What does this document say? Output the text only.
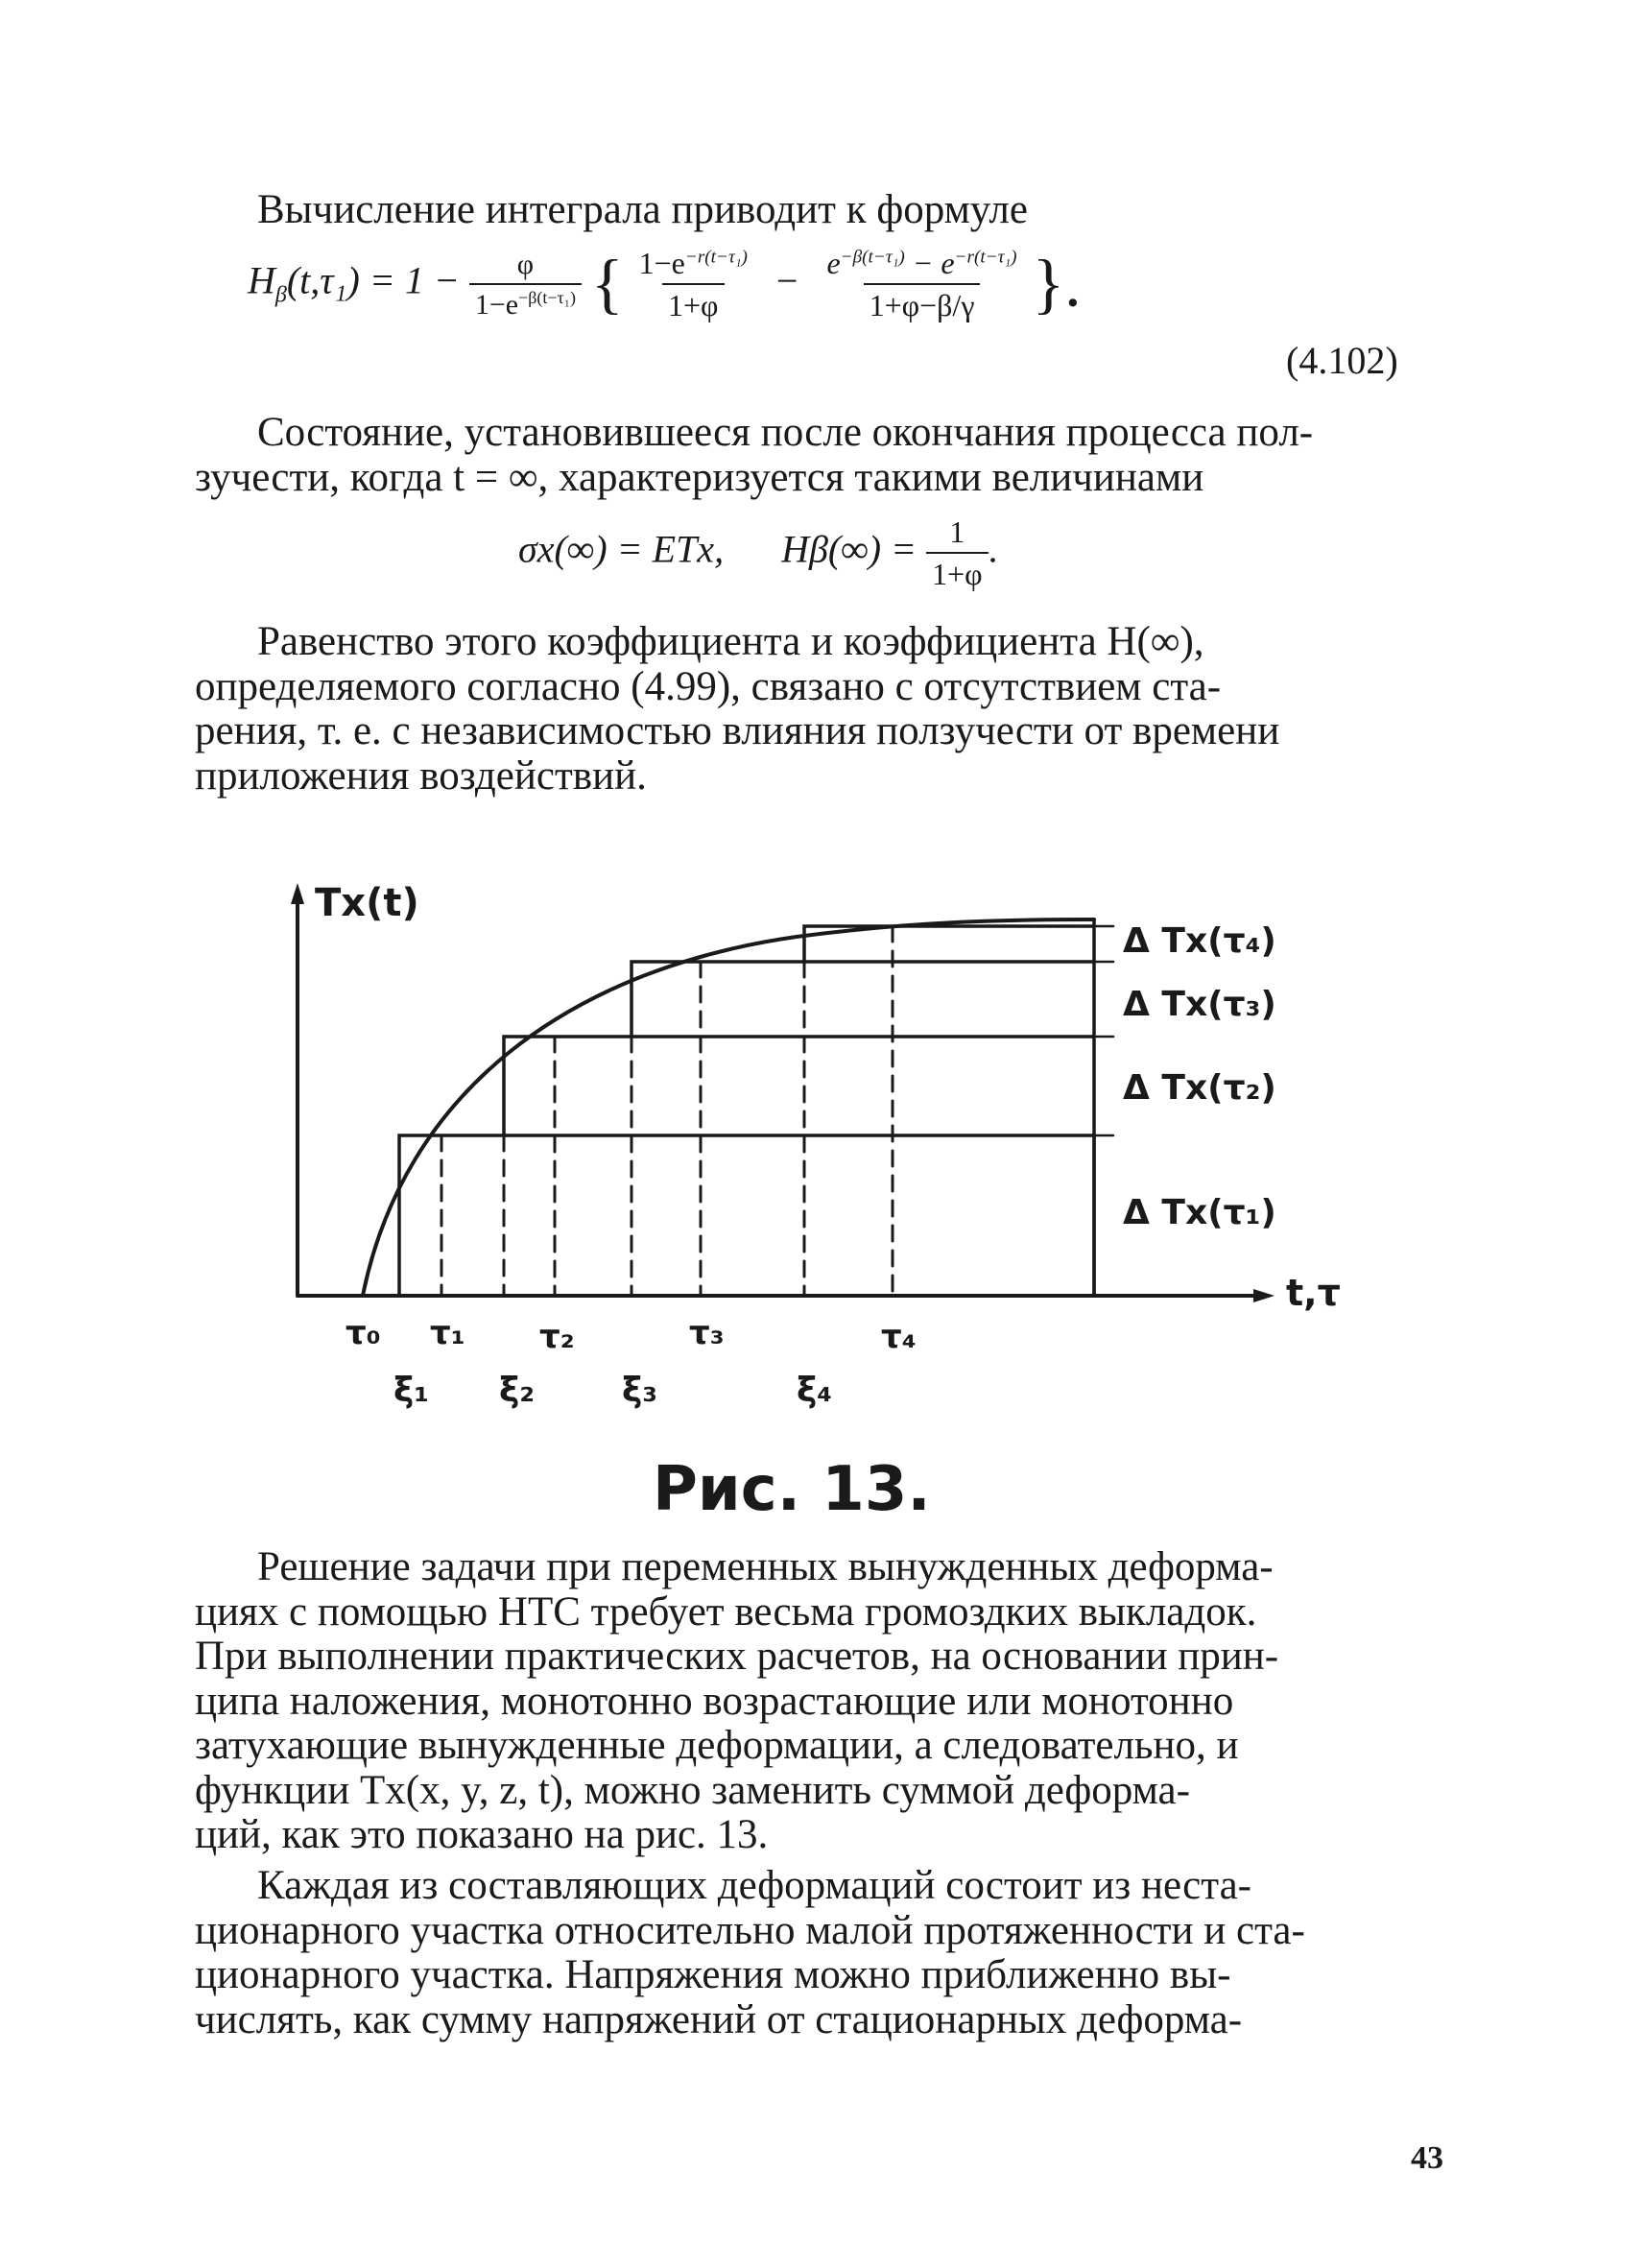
Вычисление интеграла приводит к формуле
$H_\beta(t,\tau_1) = 1 - \frac{\varphi}{1-e^{-\beta(t-\tau_1)}}$ { $\frac{1-e^{-r(t-\tau_1)}}{1+\varphi} - \frac{e^{-\beta(t-\tau_1)} - e^{-r(t-\tau_1)}}{1+\varphi-\beta/\gamma}$ }.
(4.102)
Состояние, установившееся после окончания процесса пол-
зучести, когда t = ∞, характеризуется такими величинами
σx(∞) = ETx, $H\beta(\infty) = \frac{1}{1+\varphi}$ .
Равенство этого коэффициента и коэффициента H(∞),
определяемого согласно (4.99), связано с отсутствием ста-
рения, т. е. с независимостью влияния ползучести от времени
приложения воздействий.
Tx(t)
t,τ
τ₀ τ₁ τ₂	τ₃	τ₄
ξ₁ ξ₂	ξ₃	ξ₄
Δ Tx(τ₄)
Δ Tx(τ₃)
Δ Tx(τ₂)
Δ Tx(τ₁)
Рис. 13.
Решение задачи при переменных вынужденных деформа-
циях с помощью НТС требует весьма громоздких выкладок.
При выполнении практических расчетов, на основании прин-
ципа наложения, монотонно возрастающие или монотонно
затухающие вынужденные деформации, а следовательно, и
функции Tx(x, y, z, t), можно заменить суммой деформа-
ций, как это показано на рис. 13.
Каждая из составляющих деформаций состоит из неста-
ционарного участка относительно малой протяженности и ста-
ционарного участка. Напряжения можно приближенно вы-
числять, как сумму напряжений от стационарных деформа-
43
